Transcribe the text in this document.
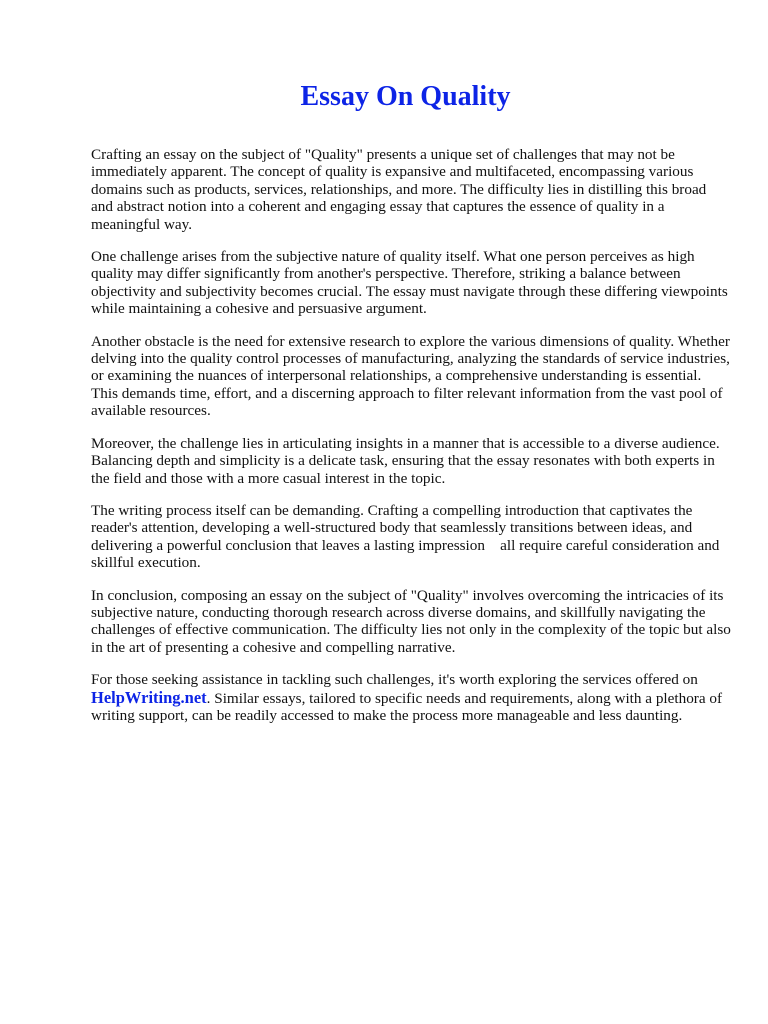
Essay On Quality

Crafting an essay on the subject of "Quality" presents a unique set of challenges that may not be immediately apparent. The concept of quality is expansive and multifaceted, encompassing various domains such as products, services, relationships, and more. The difficulty lies in distilling this broad and abstract notion into a coherent and engaging essay that captures the essence of quality in a meaningful way.

One challenge arises from the subjective nature of quality itself. What one person perceives as high quality may differ significantly from another's perspective. Therefore, striking a balance between objectivity and subjectivity becomes crucial. The essay must navigate through these differing viewpoints while maintaining a cohesive and persuasive argument.

Another obstacle is the need for extensive research to explore the various dimensions of quality. Whether delving into the quality control processes of manufacturing, analyzing the standards of service industries, or examining the nuances of interpersonal relationships, a comprehensive understanding is essential. This demands time, effort, and a discerning approach to filter relevant information from the vast pool of available resources.

Moreover, the challenge lies in articulating insights in a manner that is accessible to a diverse audience. Balancing depth and simplicity is a delicate task, ensuring that the essay resonates with both experts in the field and those with a more casual interest in the topic.

The writing process itself can be demanding. Crafting a compelling introduction that captivates the reader's attention, developing a well-structured body that seamlessly transitions between ideas, and delivering a powerful conclusion that leaves a lasting impression    all require careful consideration and skillful execution.

In conclusion, composing an essay on the subject of "Quality" involves overcoming the intricacies of its subjective nature, conducting thorough research across diverse domains, and skillfully navigating the challenges of effective communication. The difficulty lies not only in the complexity of the topic but also in the art of presenting a cohesive and compelling narrative.

For those seeking assistance in tackling such challenges, it's worth exploring the services offered on HelpWriting.net. Similar essays, tailored to specific needs and requirements, along with a plethora of writing support, can be readily accessed to make the process more manageable and less daunting.
